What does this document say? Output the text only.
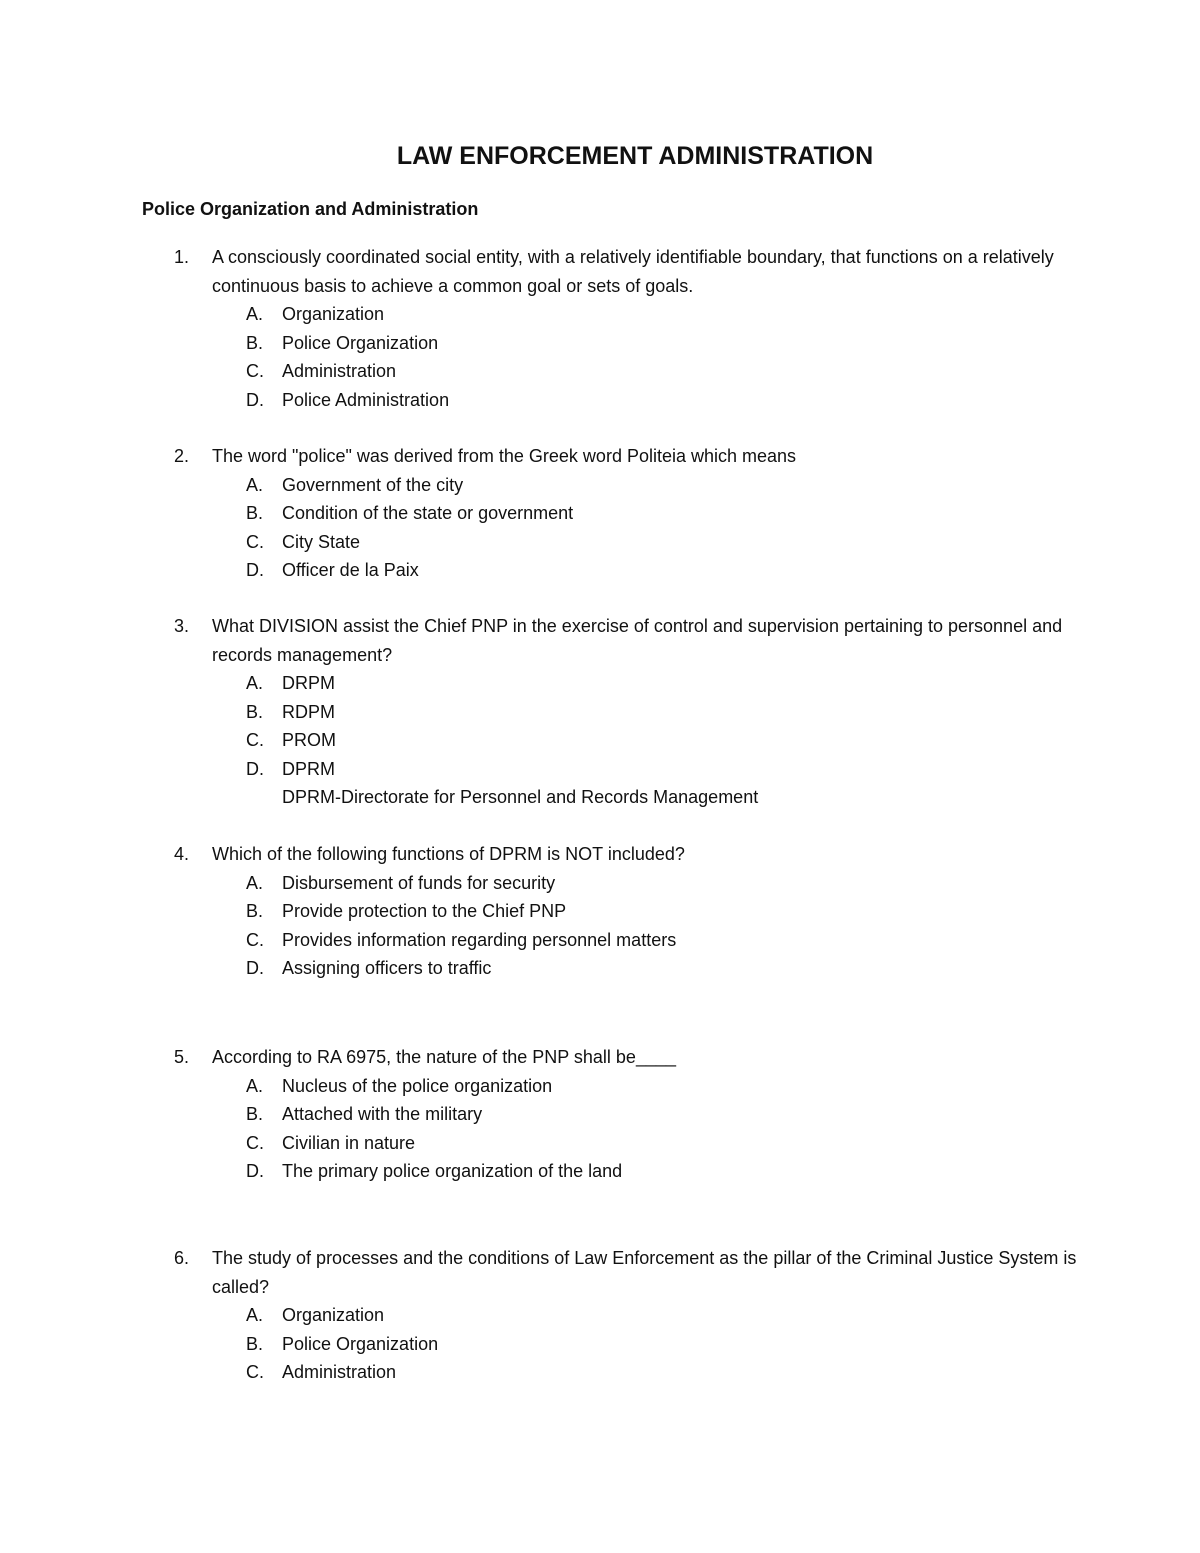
LAW ENFORCEMENT ADMINISTRATION
Police Organization and Administration
1. A consciously coordinated social entity, with a relatively identifiable boundary, that functions on a relatively continuous basis to achieve a common goal or sets of goals.
A. Organization
B. Police Organization
C. Administration
D. Police Administration
2. The word "police" was derived from the Greek word Politeia which means
A. Government of the city
B. Condition of the state or government
C. City State
D. Officer de la Paix
3. What DIVISION assist the Chief PNP in the exercise of control and supervision pertaining to personnel and records management?
A. DRPM
B. RDPM
C. PROM
D. DPRM
DPRM-Directorate for Personnel and Records Management
4. Which of the following functions of DPRM is NOT included?
A. Disbursement of funds for security
B. Provide protection to the Chief PNP
C. Provides information regarding personnel matters
D. Assigning officers to traffic
5. According to RA 6975, the nature of the PNP shall be____
A. Nucleus of the police organization
B. Attached with the military
C. Civilian in nature
D. The primary police organization of the land
6. The study of processes and the conditions of Law Enforcement as the pillar of the Criminal Justice System is called?
A. Organization
B. Police Organization
C. Administration
